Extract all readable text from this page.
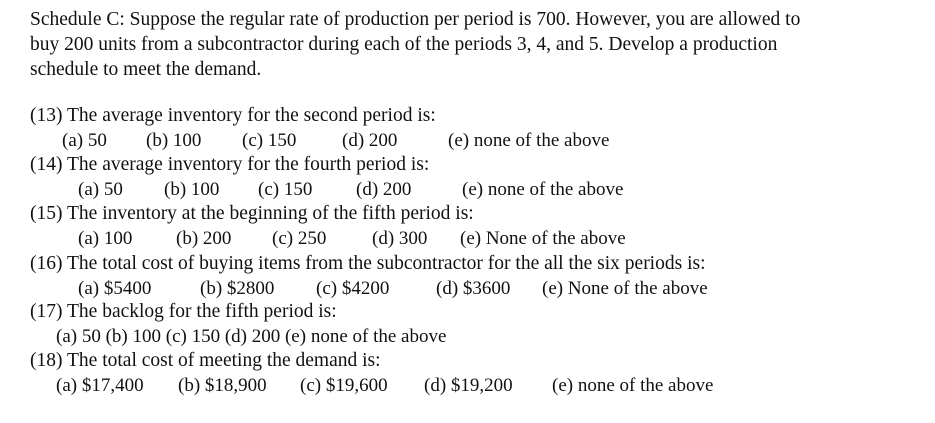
Schedule C: Suppose the regular rate of production per period is 700. However, you are allowed to
buy 200 units from a subcontractor during each of the periods 3, 4, and 5. Develop a production
schedule to meet the demand.
(13) The average inventory for the second period is:
(a) 50 (b) 100 (c) 150 (d) 200	(e) none of the above
(14) The average inventory for the fourth period is:
(a) 50 (b) 100 (c) 150 (d) 200	(e) none of the above
(15) The inventory at the beginning of the fifth period is:
(a) 100 (b) 200 (c) 250 (d) 300 (e) None of the above
(16) The total cost of buying items from the subcontractor for the all the six periods is:
(a) $5400	(b) $2800 (c) $4200 (d) $3600 (e) None of the above
(17) The backlog for the fifth period is:
(a) 50 (b) 100 (c) 150 (d) 200 (e) none of the above
(18) The total cost of meeting the demand is:
(a) $17,400 (b) $18,900 (c) $19,600 (d) $19,200 (e) none of the above
